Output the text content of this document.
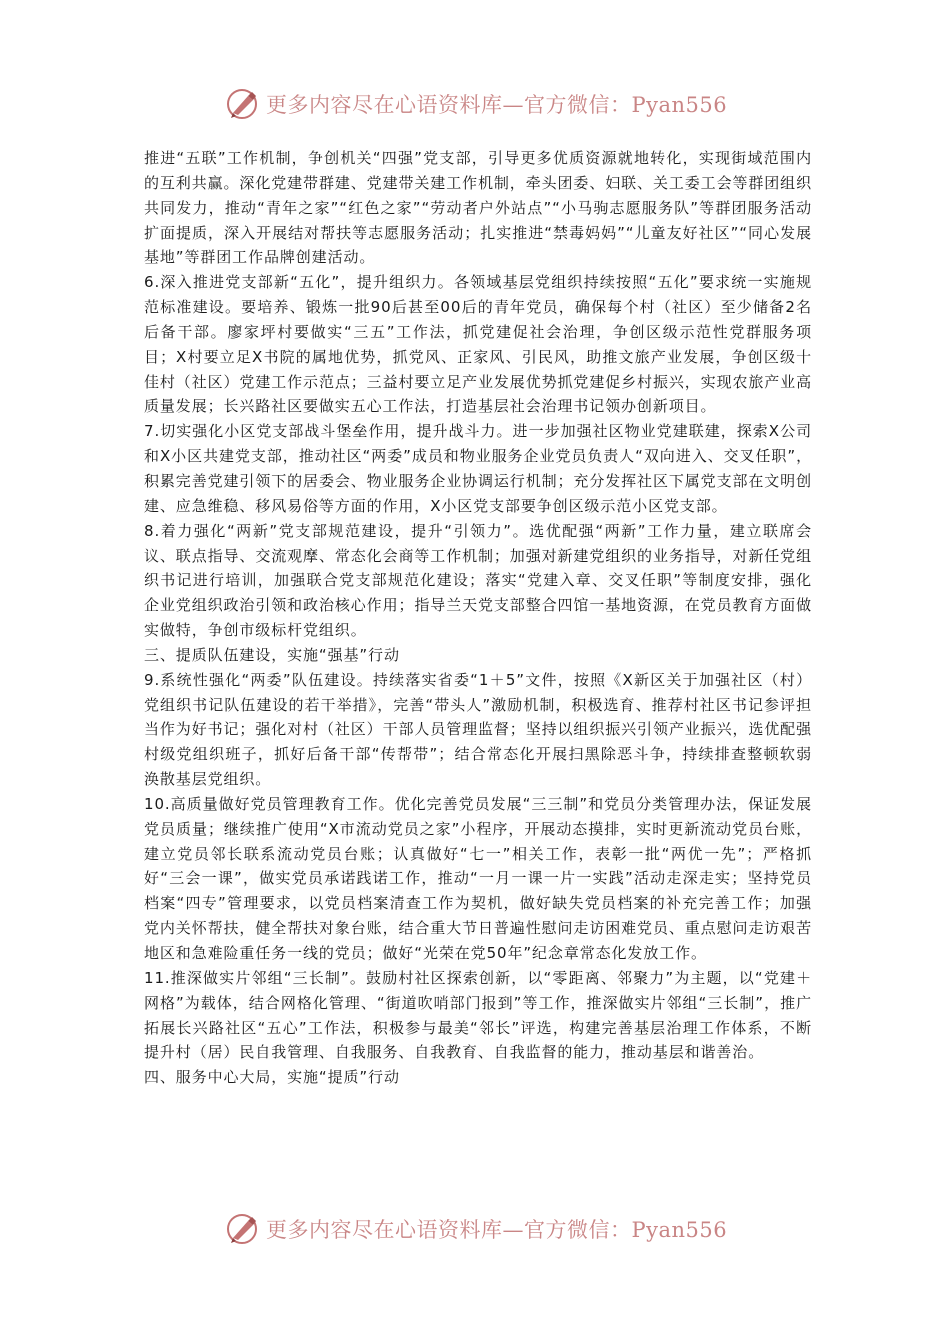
更多内容尽在心语资料库—官方微信：Pyan556

推进“五联”工作机制，争创机关“四强”党支部，引导更多优质资源就地转化，实现街域范围内的互利共赢。深化党建带群建、党建带关建工作机制，牵头团委、妇联、关工委工会等群团组织共同发力，推动“青年之家”“红色之家”“劳动者户外站点”“小马驹志愿服务队”等群团服务活动扩面提质，深入开展结对帮扶等志愿服务活动；扎实推进“禁毒妈妈”“儿童友好社区”“同心发展基地”等群团工作品牌创建活动。

6.深入推进党支部新“五化”，提升组织力。各领域基层党组织持续按照“五化”要求统一实施规范标准建设。要培养、锻炼一批90后甚至00后的青年党员，确保每个村（社区）至少储备2名后备干部。廖家坪村要做实“三五”工作法，抓党建促社会治理，争创区级示范性党群服务项目；X村要立足X书院的属地优势，抓党风、正家风、引民风，助推文旅产业发展，争创区级十佳村（社区）党建工作示范点；三益村要立足产业发展优势抓党建促乡村振兴，实现农旅产业高质量发展；长兴路社区要做实五心工作法，打造基层社会治理书记领办创新项目。

7.切实强化小区党支部战斗堡垒作用，提升战斗力。进一步加强社区物业党建联建，探索X公司和X小区共建党支部，推动社区“两委”成员和物业服务企业党员负责人“双向进入、交叉任职”，积累完善党建引领下的居委会、物业服务企业协调运行机制；充分发挥社区下属党支部在文明创建、应急维稳、移风易俗等方面的作用，X小区党支部要争创区级示范小区党支部。

8.着力强化“两新”党支部规范建设，提升“引领力”。选优配强“两新”工作力量，建立联席会议、联点指导、交流观摩、常态化会商等工作机制；加强对新建党组织的业务指导，对新任党组织书记进行培训，加强联合党支部规范化建设；落实“党建入章、交叉任职”等制度安排，强化企业党组织政治引领和政治核心作用；指导兰天党支部整合四馆一基地资源，在党员教育方面做实做特，争创市级标杆党组织。

三、提质队伍建设，实施“强基”行动

9.系统性强化“两委”队伍建设。持续落实省委“1＋5”文件，按照《X新区关于加强社区（村）党组织书记队伍建设的若干举措》，完善“带头人”激励机制，积极选育、推荐村社区书记参评担当作为好书记；强化对村（社区）干部人员管理监督；坚持以组织振兴引领产业振兴，选优配强村级党组织班子，抓好后备干部“传帮带”；结合常态化开展扫黑除恶斗争，持续排查整顿软弱涣散基层党组织。

10.高质量做好党员管理教育工作。优化完善党员发展“三三制”和党员分类管理办法，保证发展党员质量；继续推广使用“X市流动党员之家”小程序，开展动态摸排，实时更新流动党员台账，建立党员邻长联系流动党员台账；认真做好“七一”相关工作，表彰一批“两优一先”；严格抓好“三会一课”，做实党员承诺践诺工作，推动“一月一课一片一实践”活动走深走实；坚持党员档案“四专”管理要求，以党员档案清查工作为契机，做好缺失党员档案的补充完善工作；加强党内关怀帮扶，健全帮扶对象台账，结合重大节日普遍性慰问走访困难党员、重点慰问走访艰苦地区和急难险重任务一线的党员；做好“光荣在党50年”纪念章常态化发放工作。

11.推深做实片邻组“三长制”。鼓励村社区探索创新，以“零距离、邻聚力”为主题，以“党建＋网格”为载体，结合网格化管理、“街道吹哨部门报到”等工作，推深做实片邻组“三长制”，推广拓展长兴路社区“五心”工作法，积极参与最美“邻长”评选，构建完善基层治理工作体系，不断提升村（居）民自我管理、自我服务、自我教育、自我监督的能力，推动基层和谐善治。

四、服务中心大局，实施“提质”行动

更多内容尽在心语资料库—官方微信：Pyan556
